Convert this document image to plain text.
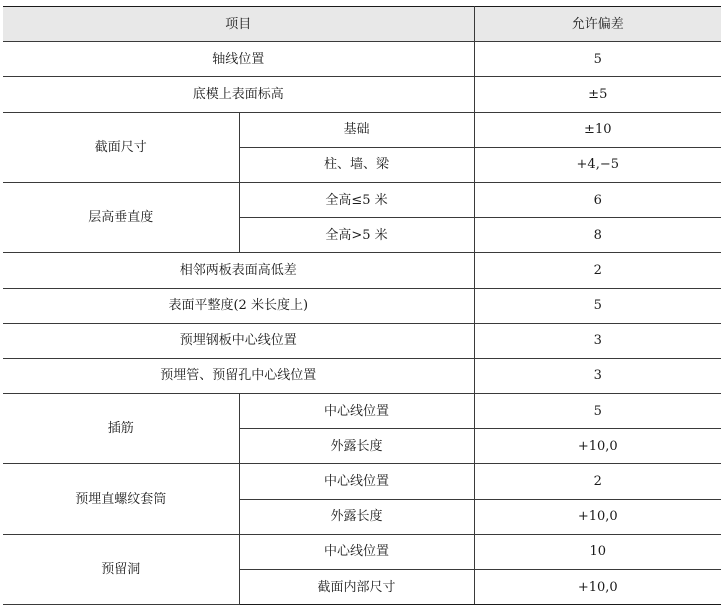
项目		允许偏差
轴线位置		5
底模上表面标高		±5
截面尺寸	基础	±10
	柱、墙、梁	+4,−5
层高垂直度	全高≤5 米	6
	全高>5 米	8
相邻两板表面高低差		2
表面平整度(2 米长度上)		5
预埋钢板中心线位置		3
预埋管、预留孔中心线位置		3
插筋	中心线位置	5
	外露长度	+10,0
预埋直螺纹套筒	中心线位置	2
	外露长度	+10,0
预留洞	中心线位置	10
	截面内部尺寸	+10,0
